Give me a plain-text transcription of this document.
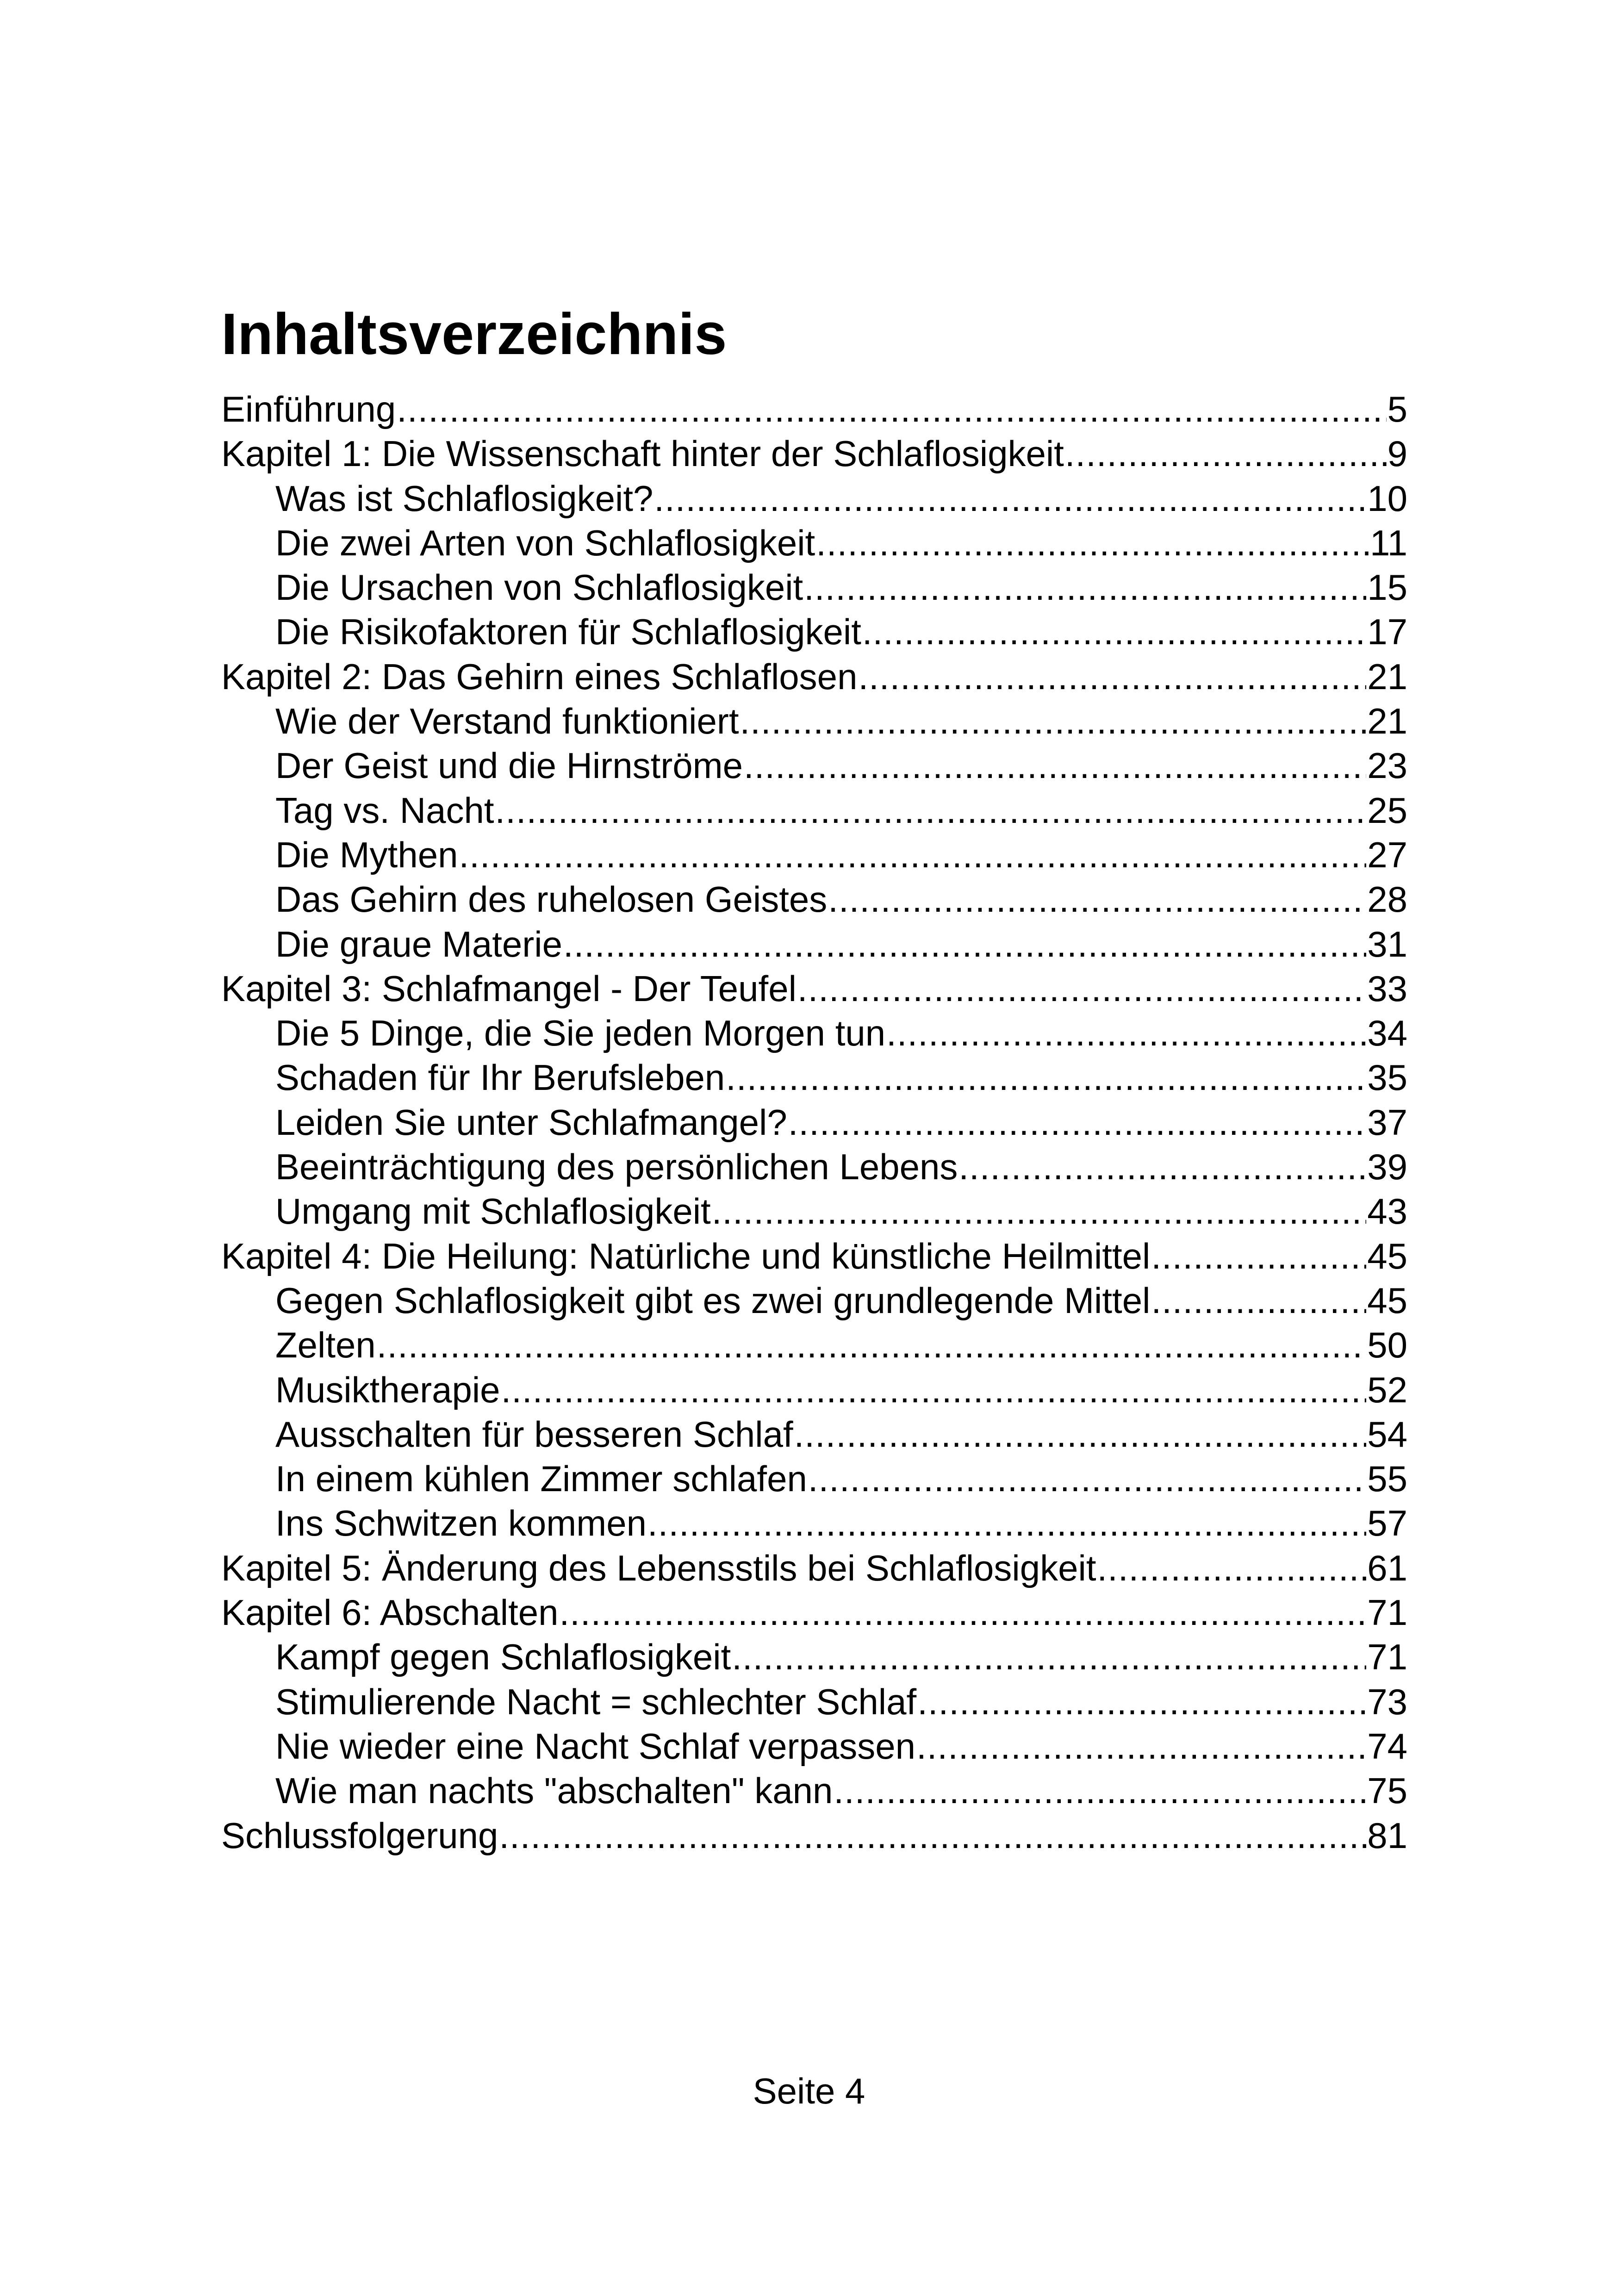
Inhaltsverzeichnis
Einführung .....	5
Kapitel 1: Die Wissenschaft hinter der Schlaflosigkeit .....	9
Was ist Schlaflosigkeit? .....	10
Die zwei Arten von Schlaflosigkeit .....	11
Die Ursachen von Schlaflosigkeit .....	15
Die Risikofaktoren für Schlaflosigkeit .....	17
Kapitel 2: Das Gehirn eines Schlaflosen .....	21
Wie der Verstand funktioniert .....	21
Der Geist und die Hirnströme .....	23
Tag vs. Nacht .....	25
Die Mythen .....	27
Das Gehirn des ruhelosen Geistes .....	28
Die graue Materie .....	31
Kapitel 3: Schlafmangel - Der Teufel .....	33
Die 5 Dinge, die Sie jeden Morgen tun .....	34
Schaden für Ihr Berufsleben .....	35
Leiden Sie unter Schlafmangel? .....	37
Beeinträchtigung des persönlichen Lebens .....	39
Umgang mit Schlaflosigkeit .....	43
Kapitel 4: Die Heilung: Natürliche und künstliche Heilmittel .....	45
Gegen Schlaflosigkeit gibt es zwei grundlegende Mittel .....	45
Zelten .....	50
Musiktherapie .....	52
Ausschalten für besseren Schlaf .....	54
In einem kühlen Zimmer schlafen .....	55
Ins Schwitzen kommen .....	57
Kapitel 5: Änderung des Lebensstils bei Schlaflosigkeit .....	61
Kapitel 6: Abschalten .....	71
Kampf gegen Schlaflosigkeit .....	71
Stimulierende Nacht = schlechter Schlaf .....	73
Nie wieder eine Nacht Schlaf verpassen .....	74
Wie man nachts "abschalten" kann .....	75
Schlussfolgerung .....	81
Seite 4
